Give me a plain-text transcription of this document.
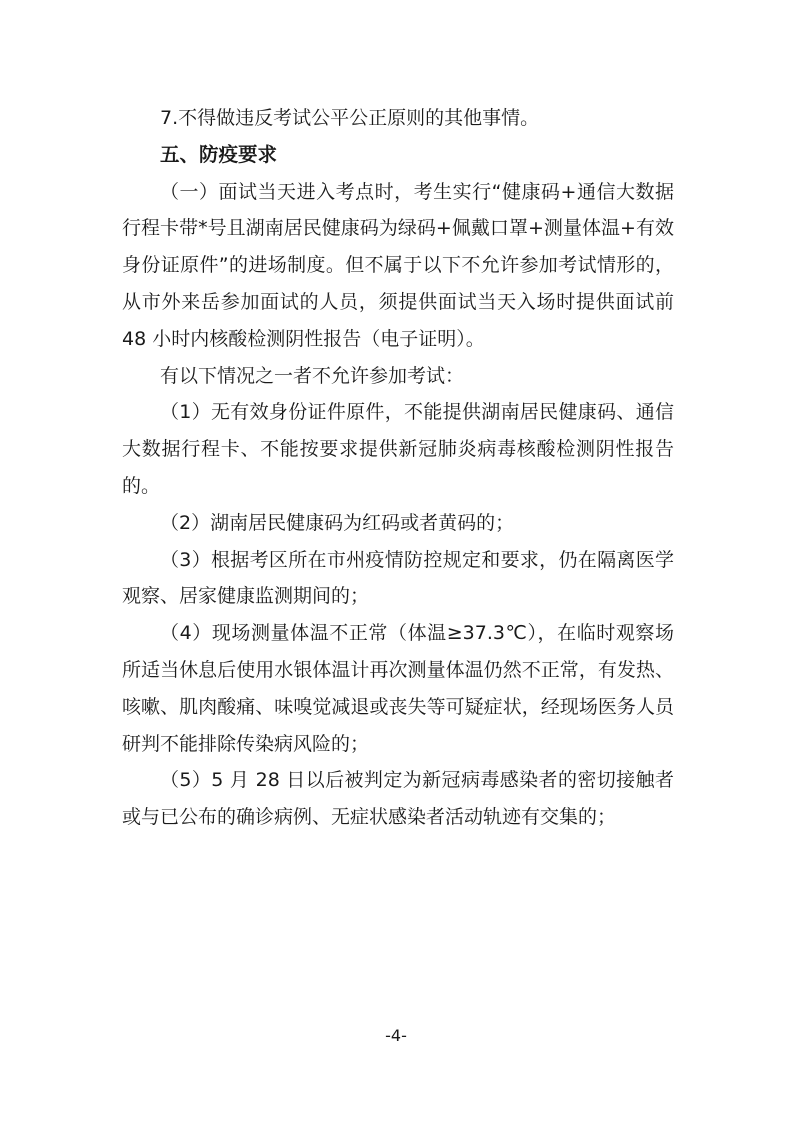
7.不得做违反考试公平公正原则的其他事情。

五、防疫要求

（一）面试当天进入考点时，考生实行“健康码+通信大数据行程卡带*号且湖南居民健康码为绿码+佩戴口罩+测量体温+有效身份证原件”的进场制度。但不属于以下不允许参加考试情形的，从市外来岳参加面试的人员，须提供面试当天入场时提供面试前 48 小时内核酸检测阴性报告（电子证明）。

有以下情况之一者不允许参加考试：

（1）无有效身份证件原件，不能提供湖南居民健康码、通信大数据行程卡、不能按要求提供新冠肺炎病毒核酸检测阴性报告的。

（2）湖南居民健康码为红码或者黄码的；

（3）根据考区所在市州疫情防控规定和要求，仍在隔离医学观察、居家健康监测期间的；

（4）现场测量体温不正常（体温≥37.3℃），在临时观察场所适当休息后使用水银体温计再次测量体温仍然不正常，有发热、咳嗽、肌肉酸痛、味嗅觉减退或丧失等可疑症状，经现场医务人员研判不能排除传染病风险的；

（5）5 月 28 日以后被判定为新冠病毒感染者的密切接触者或与已公布的确诊病例、无症状感染者活动轨迹有交集的；

-4-
